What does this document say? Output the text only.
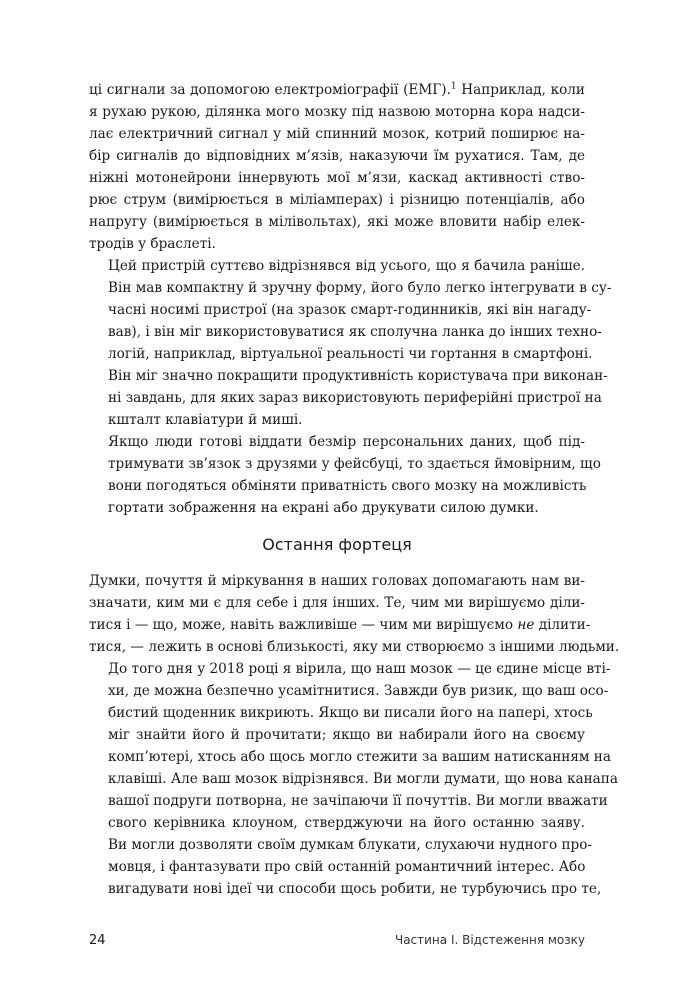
ці сигнали за допомогою електроміографії (ЕМГ).$^1$ Наприклад, коли
я рухаю рукою, ділянка мого мозку під назвою моторна кора надси-
лає електричний сигнал у мій спинний мозок, котрий поширює на-
бір сигналів до відповідних м’язів, наказуючи їм рухатися. Там, де
ніжні мотонейрони іннервують мої м’язи, каскад активності ство-
рює струм (вимірюється в міліамперах) і різницю потенціалів, або
напругу (вимірюється в мілівольтах), які може вловити набір елек-
тродів у браслеті.

Цей пристрій суттєво відрізнявся від усього, що я бачила раніше.
Він мав компактну й зручну форму, його було легко інтегрувати в су-
часні носимі пристрої (на зразок смарт-годинників, які він нагаду-
вав), і він міг використовуватися як сполучна ланка до інших техно-
логій, наприклад, віртуальної реальності чи гортання в смартфоні.
Він міг значно покращити продуктивність користувача при виконан-
ні завдань, для яких зараз використовують периферійні пристрої на
кшталт клавіатури й миші.

Якщо люди готові віддати безмір персональних даних, щоб під-
тримувати зв’язок з друзями у фейсбуці, то здається ймовірним, що
вони погодяться обміняти приватність свого мозку на можливість
гортати зображення на екрані або друкувати силою думки.

Остання фортеця

Думки, почуття й міркування в наших головах допомагають нам ви-
значати, ким ми є для себе і для інших. Те, чим ми вирішуємо діли-
тися і — що, може, навіть важливіше — чим ми вирішуємо не ділити-
тися, — лежить в основі близькості, яку ми створюємо з іншими людьми.

До того дня у 2018 році я вірила, що наш мозок — це єдине місце вті-
хи, де можна безпечно усамітнитися. Завжди був ризик, що ваш осо-
бистий щоденник викриють. Якщо ви писали його на папері, хтось
міг знайти його й прочитати; якщо ви набирали його на своєму
комп’ютері, хтось або щось могло стежити за вашим натисканням на
клавіші. Але ваш мозок відрізнявся. Ви могли думати, що нова канапа
вашої подруги потворна, не зачіпаючи її почуттів. Ви могли вважати
свого керівника клоуном, стверджуючи на його останню заяву.
Ви могли дозволяти своїм думкам блукати, слухаючи нудного про-
мовця, і фантазувати про свій останній романтичний інтерес. Або
вигадувати нові ідеї чи способи щось робити, не турбуючись про те,

24	Частина І. Відстеження мозку
